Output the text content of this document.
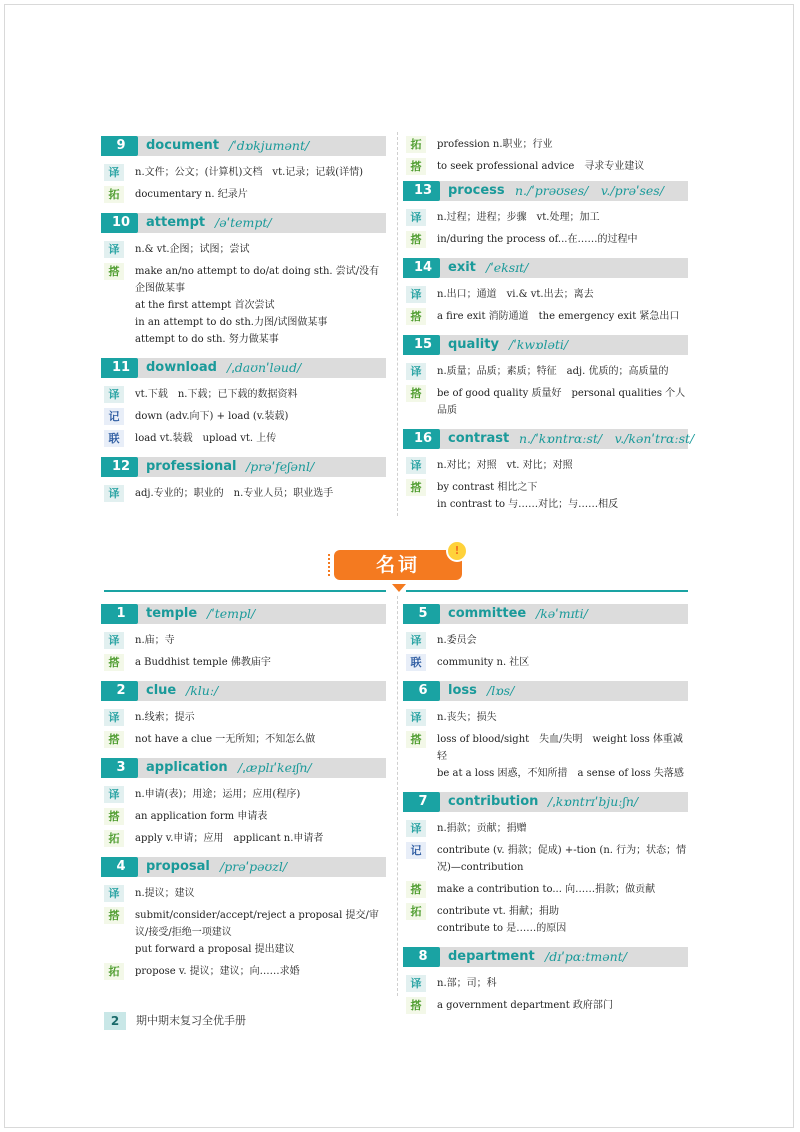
9	document /ˈdɒkjumənt/
译	n.文件；公文；(计算机)文档　vt.记录；记载(详情)
拓	documentary n. 纪录片
10	attempt /əˈtempt/
译	n.& vt.企图；试图；尝试
搭	make an/no attempt to do/at doing sth. 尝试/没有企图做某事
at the first attempt 首次尝试
in an attempt to do sth.力图/试图做某事
attempt to do sth. 努力做某事
11	download /ˌdaʊnˈləud/
译	vt.下载　n.下载；已下载的数据资料
记	down (adv.向下) + load (v.装载)
联	load vt.装载　upload vt. 上传
12	professional /prəˈfeʃənl/
译	adj.专业的；职业的　n.专业人员；职业选手
拓	profession n.职业；行业
搭	to seek professional advice　寻求专业建议
13	process n./ˈprəʊses/　v./prəˈses/
译	n.过程；进程；步骤　vt.处理；加工
搭	in/during the process of...在……的过程中
14	exit /ˈeksɪt/
译	n.出口；通道　vi.& vt.出去；离去
搭	a fire exit 消防通道　the emergency exit 紧急出口
15	quality /ˈkwɒləti/
译	n.质量；品质；素质；特征　adj. 优质的；高质量的
搭	be of good quality 质量好　personal qualities 个人品质
16	contrast n./ˈkɒntrɑːst/　v./kənˈtrɑːst/
译	n.对比；对照　vt. 对比；对照
搭	by contrast 相比之下
in contrast to 与……对比；与……相反
名词
!
1	temple /ˈtempl/
译	n.庙；寺
搭	a Buddhist temple 佛教庙宇
2	clue /kluː/
译	n.线索；提示
搭	not have a clue 一无所知；不知怎么做
3	application /ˌæplɪˈkeɪʃn/
译	n.申请(表)；用途；运用；应用(程序)
搭	an application form 申请表
拓	apply v.申请；应用　applicant n.申请者
4	proposal /prəˈpəʊzl/
译	n.提议；建议
搭	submit/consider/accept/reject a proposal 提交/审议/接受/拒绝一项建议
put forward a proposal 提出建议
拓	propose v. 提议；建议；向……求婚
5	committee /kəˈmɪti/
译	n.委员会
联	community n. 社区
6	loss /lɒs/
译	n.丧失；损失
搭	loss of blood/sight　失血/失明　weight loss 体重减轻
be at a loss 困惑，不知所措　a sense of loss 失落感
7	contribution /ˌkɒntrɪˈbjuːʃn/
译	n.捐款；贡献；捐赠
记	contribute (v. 捐款；促成) +-tion (n. 行为；状态；情况)—contribution
搭	make a contribution to... 向……捐款；做贡献
拓	contribute vt. 捐献；捐助
contribute to 是……的原因
8	department /dɪˈpɑːtmənt/
译	n.部；司；科
搭	a government department 政府部门
2	期中期末复习全优手册
